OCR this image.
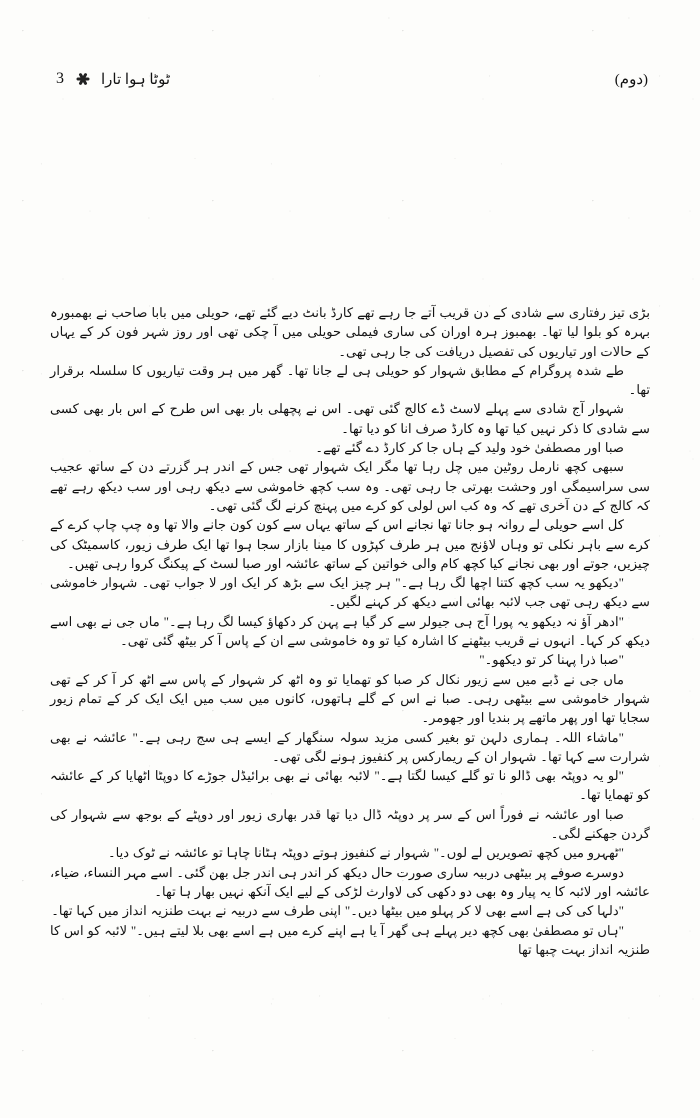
(دوم)
ٹوٹا ہوا تارا
3

بڑی تیز رفتاری سے شادی کے دن قریب آتے جا رہے تھے کارڈ بانٹ دیے گئے تھے، حویلی میں بابا صاحب نے بھمبورہ بہرہ کو بلوا لیا تھا۔ بھمبوز ہرہ اوران کی ساری فیملی حویلی میں آ چکی تھی اور روز شہر فون کر کے یہاں کے حالات اور تیاریوں کی تفصیل دریافت کی جا رہی تھی۔

طے شدہ پروگرام کے مطابق شہوار کو حویلی ہی لے جانا تھا۔ گھر میں ہر وقت تیاریوں کا سلسلہ برقرار تھا۔

شہوار آج شادی سے پہلے لاسٹ ڈے کالج گئی تھی۔ اس نے پچھلی بار بھی اس طرح کے اس بار بھی کسی سے شادی کا ذکر نہیں کیا تھا وہ کارڈ صرف انا کو دیا تھا۔

صبا اور مصطفیٰ خود ولید کے ہاں جا کر کارڈ دے گئے تھے۔

سبھی کچھ نارمل روٹین میں چل رہا تھا مگر ایک شہوار تھی جس کے اندر ہر گزرتے دن کے ساتھ عجیب سی سراسیمگی اور وحشت بھرتی جا رہی تھی۔ وہ سب کچھ خاموشی سے دیکھ رہی اور سب دیکھ رہے تھے کہ کالج کے دن آخری تھے کہ وہ کب اس لولی کو کرے میں پہنچ کرنے لگ گئی تھی۔

کل اسے حویلی لے روانہ ہو جانا تھا نجانے اس کے ساتھ یہاں سے کون کون جانے والا تھا وہ چپ چاپ کرے کے کرے سے باہر نکلی تو وہاں لاؤنج میں ہر طرف کپڑوں کا مینا بازار سجا ہوا تھا ایک طرف زیور، کاسمیٹک کی چیزیں، جوتے اور بھی نجانے کیا کچھ کام والی خواتین کے ساتھ عائشہ اور صبا لسٹ کے پیکنگ کروا رہی تھیں۔

"دیکھو یہ سب کچھ کتنا اچھا لگ رہا ہے۔" ہر چیز ایک سے بڑھ کر ایک اور لا جواب تھی۔ شہوار خاموشی سے دیکھ رہی تھی جب لائبہ بھائی اسے دیکھ کر کہنے لگیں۔

"ادھر آؤ نہ دیکھو یہ پورا آج ہی جیولر سے کر گیا ہے پہن کر دکھاؤ کیسا لگ رہا ہے۔" ماں جی نے بھی اسے دیکھ کر کہا۔ انہوں نے قریب بیٹھنے کا اشارہ کیا تو وہ خاموشی سے ان کے پاس آ کر بیٹھ گئی تھی۔

"صبا ذرا پہنا کر تو دیکھو۔"

ماں جی نے ڈبے میں سے زیور نکال کر صبا کو تھمایا تو وہ اٹھ کر شہوار کے پاس سے اٹھ کر آ کر کے تھی شہوار خاموشی سے بیٹھی رہی۔ صبا نے اس کے گلے ہاتھوں، کانوں میں سب میں ایک ایک کر کے تمام زیور سجایا تھا اور پھر ماتھے پر بندیا اور جھومر۔

"ماشاء اللہ۔ ہماری دلہن تو بغیر کسی مزید سولہ سنگھار کے ایسے ہی سج رہی ہے۔" عائشہ نے بھی شرارت سے کہا تھا۔ شہوار ان کے ریمارکس پر کنفیوز ہونے لگی تھی۔

"لو یہ دوپٹہ بھی ڈالو نا تو گلے کیسا لگتا ہے۔" لائبہ بھائی نے بھی برائیڈل جوڑے کا دوپٹا اٹھایا کر کے عائشہ کو تھمایا تھا۔

صبا اور عائشہ نے فوراً اس کے سر پر دوپٹہ ڈال دیا تھا قدر بھاری زیور اور دوپٹے کے بوجھ سے شہوار کی گردن جھکنے لگی۔

"ٹھہرو میں کچھ تصویریں لے لوں۔" شہوار نے کنفیوز ہوتے دوپٹہ ہٹانا چاہا تو عائشہ نے ٹوک دیا۔

دوسرے صوفے پر بیٹھی دربیہ ساری صورت حال دیکھ کر اندر ہی اندر جل بھن گئی۔ اسے مہر النساء، ضیاء، عائشہ اور لائبہ کا یہ پیار وہ بھی دو دکھی کی لاوارث لڑکی کے لیے ایک آنکھ نہیں بھار ہا تھا۔

"دلہا کی کی ہے اسے بھی لا کر پہلو میں بیٹھا دیں۔" اپنی طرف سے دربیہ نے بہت طنزیہ انداز میں کہا تھا۔

"ہاں تو مصطفیٰ بھی کچھ دیر پہلے ہی گھر آ یا ہے اپنے کرے میں ہے اسے بھی بلا لیتے ہیں۔" لائبہ کو اس کا طنزیہ انداز بہت چبھا تھا
